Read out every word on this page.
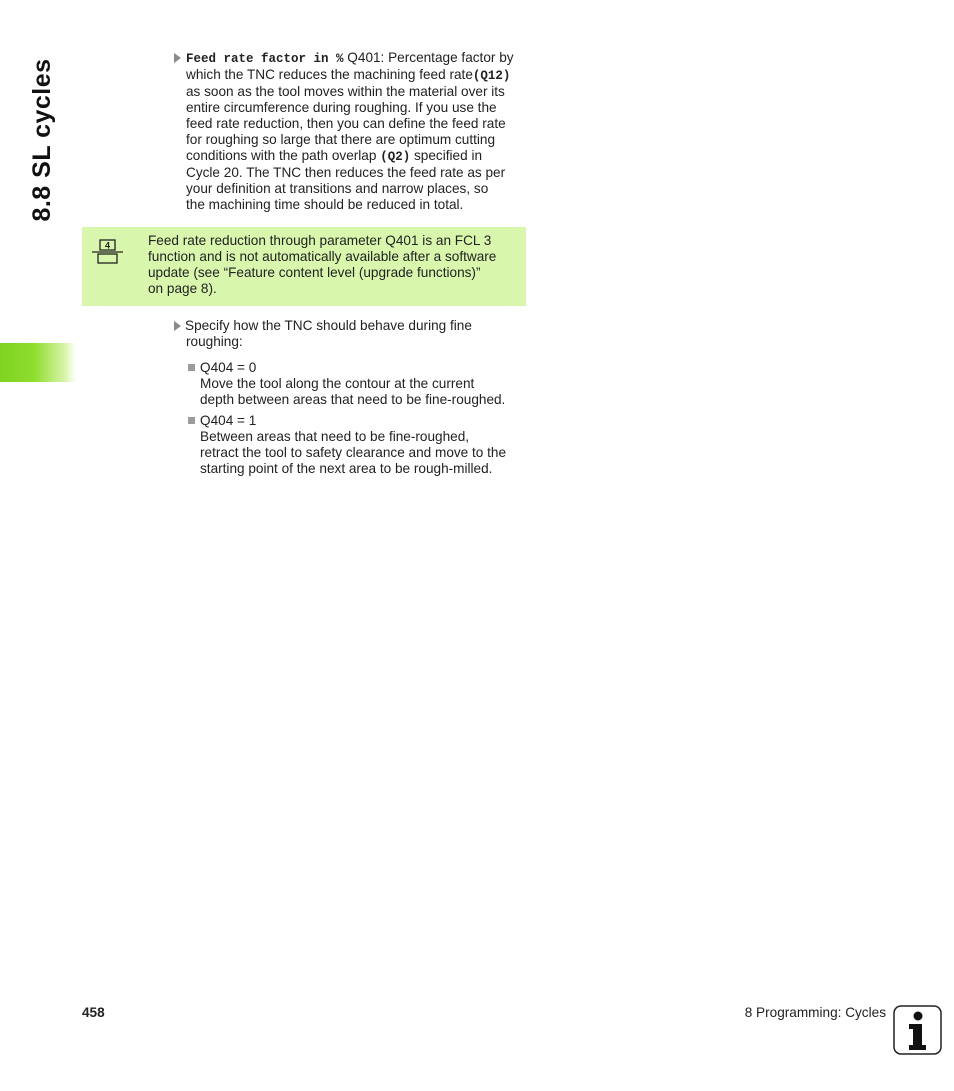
8.8 SL cycles	Feed rate factor in % Q401: Percentage factor by
which the TNC reduces the machining feed rate(Q12)
as soon as the tool moves within the material over its
entire circumference during roughing. If you use the
feed rate reduction, then you can define the feed rate
for roughing so large that there are optimum cutting
conditions with the path overlap (Q2) specified in
Cycle 20. The TNC then reduces the feed rate as per
your definition at transitions and narrow places, so
the machining time should be reduced in total.
4	Feed rate reduction through parameter Q401 is an FCL 3
function and is not automatically available after a software
update (see “Feature content level (upgrade functions)”
on page 8).
Specify how the TNC should behave during fine
roughing:
Q404 = 0
Move the tool along the contour at the current
depth between areas that need to be fine-roughed.
Q404 = 1
Between areas that need to be fine-roughed,
retract the tool to safety clearance and move to the
starting point of the next area to be rough-milled.
458	8 Programming: Cycles
